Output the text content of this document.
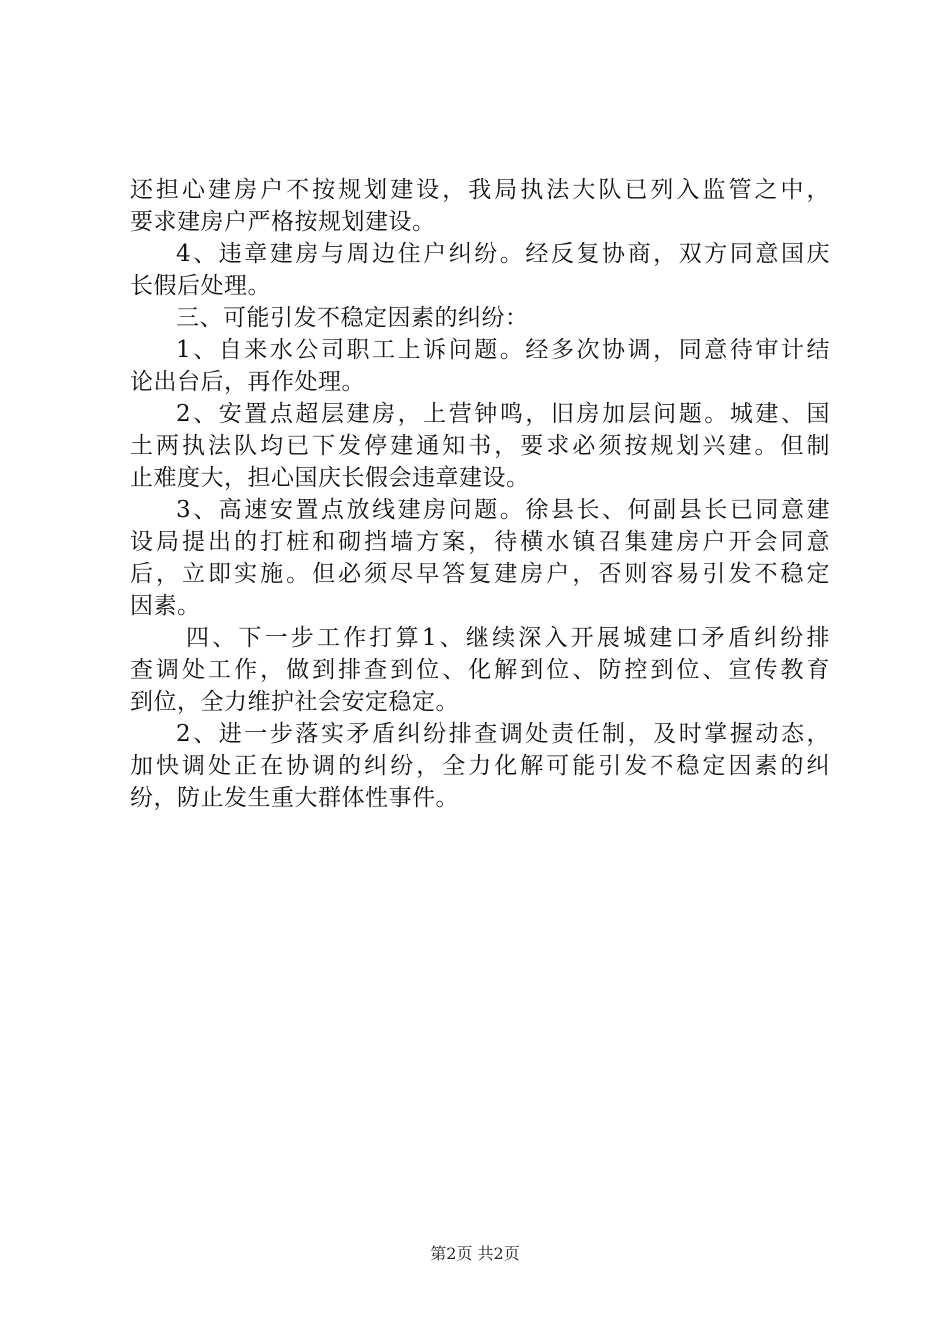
还担心建房户不按规划建设，我局执法大队已列入监管之中，
要求建房户严格按规划建设。
4、违章建房与周边住户纠纷。经反复协商，双方同意国庆
长假后处理。
三、可能引发不稳定因素的纠纷：
1、自来水公司职工上诉问题。经多次协调，同意待审计结
论出台后，再作处理。
2、安置点超层建房，上营钟鸣，旧房加层问题。城建、国
土两执法队均已下发停建通知书，要求必须按规划兴建。但制
止难度大，担心国庆长假会违章建设。
3、高速安置点放线建房问题。徐县长、何副县长已同意建
设局提出的打桩和砌挡墙方案，待横水镇召集建房户开会同意
后，立即实施。但必须尽早答复建房户，否则容易引发不稳定
因素。
四、下一步工作打算1、继续深入开展城建口矛盾纠纷排
查调处工作，做到排查到位、化解到位、防控到位、宣传教育
到位，全力维护社会安定稳定。
2、进一步落实矛盾纠纷排查调处责任制，及时掌握动态，
加快调处正在协调的纠纷，全力化解可能引发不稳定因素的纠
纷，防止发生重大群体性事件。
第2页 共2页
